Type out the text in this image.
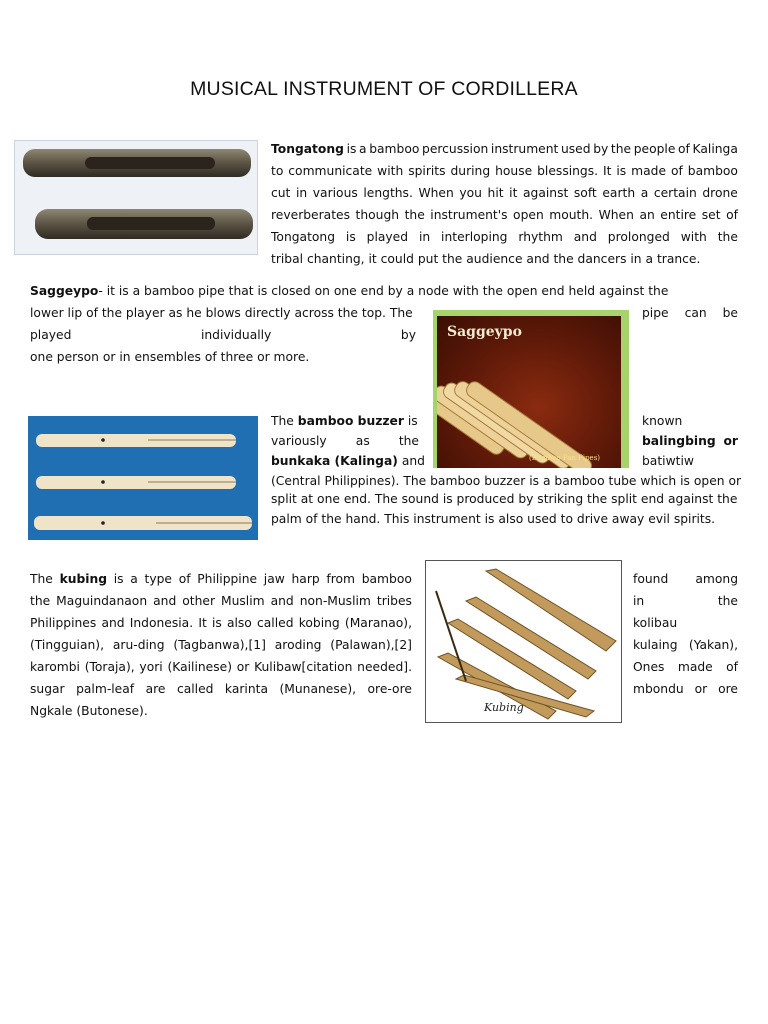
MUSICAL INSTRUMENT OF CORDILLERA
Tongatong is a bamboo percussion instrument used by the people of Kalinga
to communicate with spirits during house blessings. It is made of bamboo
cut in various lengths. When you hit it against soft earth a certain drone
reverberates though the instrument's open mouth. When an entire set of
Tongatong is played in interloping rhythm and prolonged with the
tribal chanting, it could put the audience and the dancers in a trance.
Saggeypo- it is a bamboo pipe that is closed on one end by a node with the open end held against the
lower lip of the player as he blows directly across the top. The	pipe can be
played	individually	by
one person or in ensembles of three or more.
Saggeypo
(Bamboo Pan Pipes)
The bamboo buzzer is	known
variously as the	balingbing or
bunkaka (Kalinga) and	batiwtiw
(Central Philippines). The bamboo buzzer is a bamboo tube which is open or
split at one end. The sound is produced by striking the split end against the
palm of the hand. This instrument is also used to drive away evil spirits.
Kubing
The kubing is a type of Philippine jaw harp from bamboo
the Maguindanaon and other Muslim and non-Muslim tribes
Philippines and Indonesia. It is also called kobing (Maranao),
(Tingguian), aru-ding (Tagbanwa),[1] aroding (Palawan),[2]
karombi (Toraja), yori (Kailinese) or Kulibaw[citation needed].
sugar palm-leaf are called karinta (Munanese), ore-ore
Ngkale (Butonese).
found among
in	the
kolibau
kulaing (Yakan),
Ones made of
mbondu or ore
